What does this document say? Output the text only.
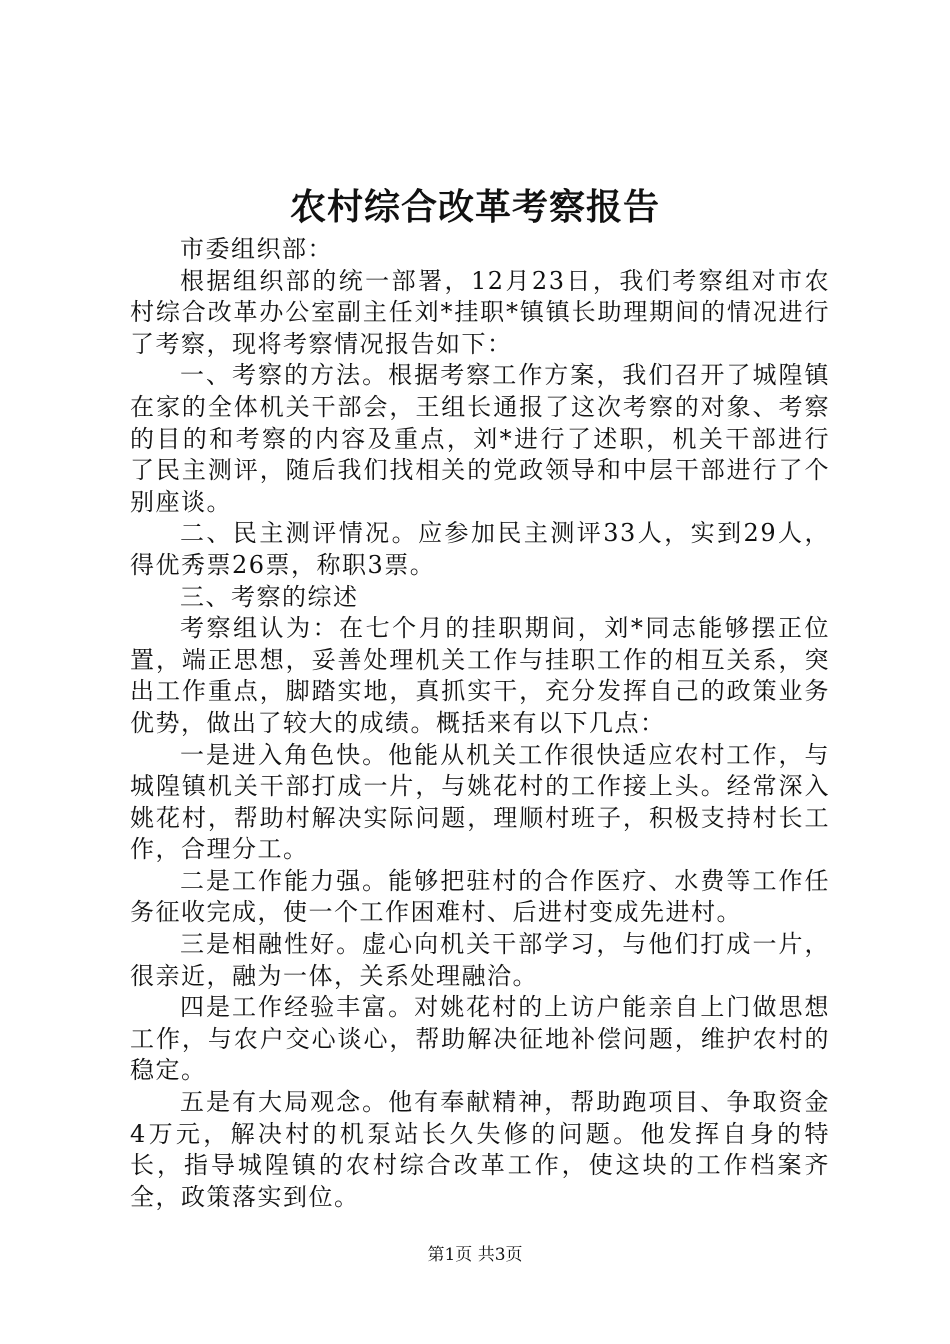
农村综合改革考察报告

市委组织部：

根据组织部的统一部署，12月23日，我们考察组对市农村综合改革办公室副主任刘*挂职*镇镇长助理期间的情况进行了考察，现将考察情况报告如下：

一、考察的方法。根据考察工作方案，我们召开了城隍镇在家的全体机关干部会，王组长通报了这次考察的对象、考察的目的和考察的内容及重点，刘*进行了述职，机关干部进行了民主测评，随后我们找相关的党政领导和中层干部进行了个别座谈。

二、民主测评情况。应参加民主测评33人，实到29人，得优秀票26票，称职3票。

三、考察的综述

考察组认为：在七个月的挂职期间，刘*同志能够摆正位置，端正思想，妥善处理机关工作与挂职工作的相互关系，突出工作重点，脚踏实地，真抓实干，充分发挥自己的政策业务优势，做出了较大的成绩。概括来有以下几点：

一是进入角色快。他能从机关工作很快适应农村工作，与城隍镇机关干部打成一片，与姚花村的工作接上头。经常深入姚花村，帮助村解决实际问题，理顺村班子，积极支持村长工作，合理分工。

二是工作能力强。能够把驻村的合作医疗、水费等工作任务征收完成，使一个工作困难村、后进村变成先进村。

三是相融性好。虚心向机关干部学习，与他们打成一片，很亲近，融为一体，关系处理融洽。

四是工作经验丰富。对姚花村的上访户能亲自上门做思想工作，与农户交心谈心，帮助解决征地补偿问题，维护农村的稳定。

五是有大局观念。他有奉献精神，帮助跑项目、争取资金4万元，解决村的机泵站长久失修的问题。他发挥自身的特长，指导城隍镇的农村综合改革工作，使这块的工作档案齐全，政策落实到位。

第1页 共3页
